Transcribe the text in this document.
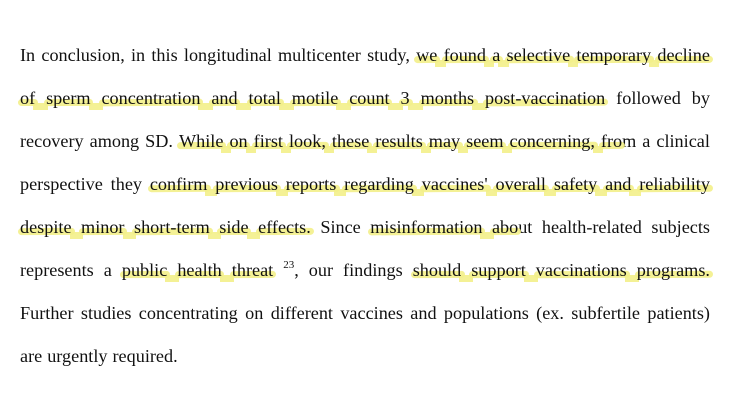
In conclusion, in this longitudinal multicenter study, we found a selective temporary decline
of sperm concentration and total motile count 3 months post-vaccination followed by
recovery among SD. While on first look, these results may seem concerning, from a clinical
perspective they confirm previous reports regarding vaccines' overall safety and reliability
despite minor short-term side effects. Since misinformation about health-related subjects
represents a public health threat $^{23}$, our findings should support vaccinations programs.
Further studies concentrating on different vaccines and populations (ex. subfertile patients)
are urgently required.
